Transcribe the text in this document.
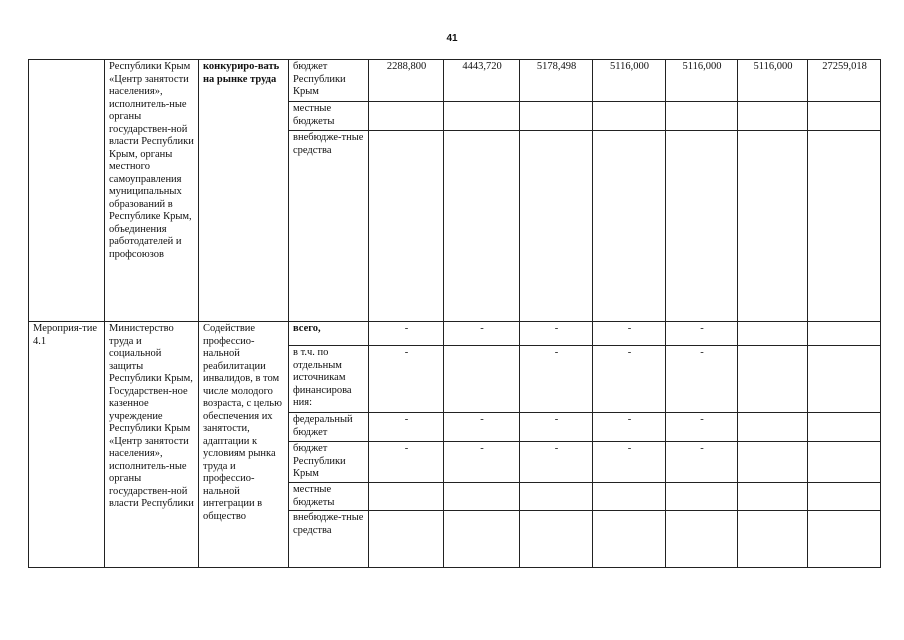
41
	Республики Крым «Центр занятости населения», исполнитель-ные органы государствен-ной власти Республики Крым, органы местного самоуправления муниципальных образований в Республике Крым, объединения работодателей и профсоюзов	конкуриро-вать на рынке труда	бюджет Республики Крым	2288,800	4443,720	5178,498	5116,000	5116,000	5116,000	27259,018
			местные бюджеты							
			внебюдже-тные средства							
Мероприя-тие 4.1	Министерство труда и социальной защиты Республики Крым, Государствен-ное казенное учреждение Республики Крым «Центр занятости населения», исполнитель-ные органы государствен-ной власти Республики	Содействие профессио-нальной реабилитации инвалидов, в том числе молодого возраста, с целью обеспечения их занятости, адаптации к условиям рынка труда и профессио-нальной интеграции в общество	всего,	-	-	-	-	-		
			в т.ч. по отдельным источникам финансирова ния:	-		-	-	-		
			федеральный бюджет	-	-	-	-	-		
			бюджет Республики Крым	-	-	-	-	-		
			местные бюджеты							
			внебюдже-тные средства							
